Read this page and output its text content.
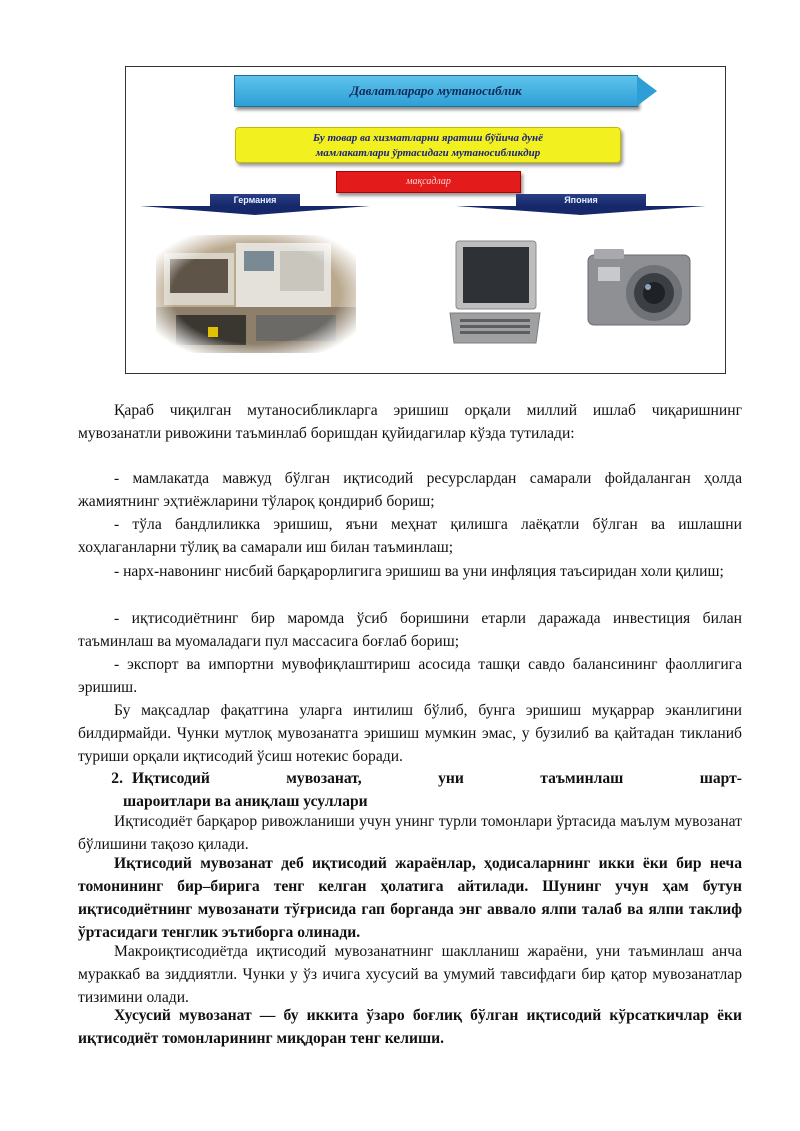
Давлатлараро мутаносиблик
Бу товар ва хизматларни яратиш бўйича дунё
мамлакатлари ўртасидаги мутаносибликдир
мақсадлар
Германия	Япония
Қараб чиқилган мутаносибликларга эришиш орқали миллий ишлаб чиқаришнинг мувозанатли ривожини таъминлаб боришдан қуйидагилар кўзда тутилади:
- мамлакатда мавжуд бўлган иқтисодий ресурслардан самарали фойдаланган ҳолда жамиятнинг эҳтиёжларини тўлароқ қондириб бориш;
- тўла бандлиликка эришиш, яъни меҳнат қилишга лаёқатли бўлган ва ишлашни хоҳлаганларни тўлиқ ва самарали иш билан таъминлаш;
- нарх-навонинг нисбий барқарорлигига эришиш ва уни инфляция таъсиридан холи қилиш;
- иқтисодиётнинг бир маромда ўсиб боришини етарли даражада инвестиция билан таъминлаш ва муомаладаги пул массасига боғлаб бориш;
- экспорт ва импортни мувофиқлаштириш асосида ташқи савдо балансининг фаоллигига эришиш.
Бу мақсадлар фақатгина уларга интилиш бўлиб, бунга эришиш муқаррар эканлигини билдирмайди. Чунки мутлоқ мувозанатга эришиш мумкин эмас, у бузилиб ва қайтадан тикланиб туриши орқали иқтисодий ўсиш нотекис боради.
2. Иқтисодий мувозанат, уни таъминлаш шарт-
шароитлари ва аниқлаш усуллари
Иқтисодиёт барқарор ривожланиши учун унинг турли томонлари ўртасида маълум мувозанат бўлишини тақозо қилади.
Иқтисодий мувозанат деб иқтисодий жараёнлар, ҳодисаларнинг икки ёки бир неча томонининг бир–бирига тенг келган ҳолатига айтилади. Шунинг учун ҳам бутун иқтисодиётнинг мувозанати тўғрисида гап борганда энг аввало ялпи талаб ва ялпи таклиф ўртасидаги тенглик эътиборга олинади.
Макроиқтисодиётда иқтисодий мувозанатнинг шаклланиш жараёни, уни таъминлаш анча мураккаб ва зиддиятли. Чунки у ўз ичига хусусий ва умумий тавсифдаги бир қатор мувозанатлар тизимини олади.
Хусусий мувозанат — бу иккита ўзаро боғлиқ бўлган иқтисодий кўрсаткичлар ёки иқтисодиёт томонларининг миқдоран тенг келиши.
